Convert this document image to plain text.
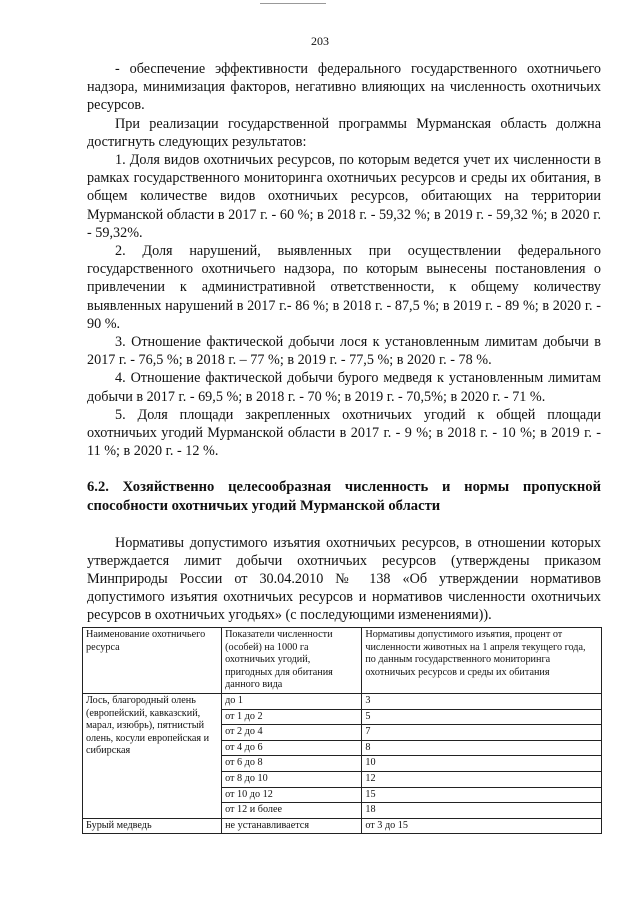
203

- обеспечение эффективности федерального государственного охотничьего надзора, минимизация факторов, негативно влияющих на численность охотничьих ресурсов.

При реализации государственной программы Мурманская область должна достигнуть следующих результатов:

1. Доля видов охотничьих ресурсов, по которым ведется учет их численности в рамках государственного мониторинга охотничьих ресурсов и среды их обитания, в общем количестве видов охотничьих ресурсов, обитающих на территории Мурманской области в 2017 г. - 60 %; в 2018 г. - 59,32 %; в 2019 г. - 59,32 %; в 2020 г. - 59,32%.

2. Доля нарушений, выявленных при осуществлении федерального государственного охотничьего надзора, по которым вынесены постановления о привлечении к административной ответственности, к общему количеству выявленных нарушений в 2017 г.- 86 %; в 2018 г. - 87,5 %; в 2019 г. - 89 %; в 2020 г. - 90 %.

3. Отношение фактической добычи лося к установленным лимитам добычи в 2017 г. - 76,5 %; в 2018 г. – 77 %; в 2019 г. - 77,5 %; в 2020 г. - 78 %.

4. Отношение фактической добычи бурого медведя к установленным лимитам добычи в 2017 г. - 69,5 %; в 2018 г. - 70 %; в 2019 г. - 70,5%; в 2020 г. - 71 %.

5. Доля площади закрепленных охотничьих угодий к общей площади охотничьих угодий Мурманской области в 2017 г. - 9 %; в 2018 г. - 10 %; в 2019 г. - 11 %; в 2020 г. - 12 %.

6.2. Хозяйственно целесообразная численность и нормы пропускной способности охотничьих угодий Мурманской области

Нормативы допустимого изъятия охотничьих ресурсов, в отношении которых утверждается лимит добычи охотничьих ресурсов (утверждены приказом Минприроды России от 30.04.2010 № 138 «Об утверждении нормативов допустимого изъятия охотничьих ресурсов и нормативов численности охотничьих ресурсов в охотничьих угодьях» (с последующими изменениями)).

Наименование охотничьего ресурса	Показатели численности (особей) на 1000 га охотничьих угодий, пригодных для обитания данного вида	Нормативы допустимого изъятия, процент от численности животных на 1 апреля текущего года, по данным государственного мониторинга охотничьих ресурсов и среды их обитания
Лось, благородный олень (европейский, кавказский, марал, изюбрь), пятнистый олень, косули европейская и сибирская	до 1	3
	от 1 до 2	5
	от 2 до 4	7
	от 4 до 6	8
	от 6 до 8	10
	от 8 до 10	12
	от 10 до 12	15
	от 12 и более	18
Бурый медведь	не устанавливается	от 3 до 15
